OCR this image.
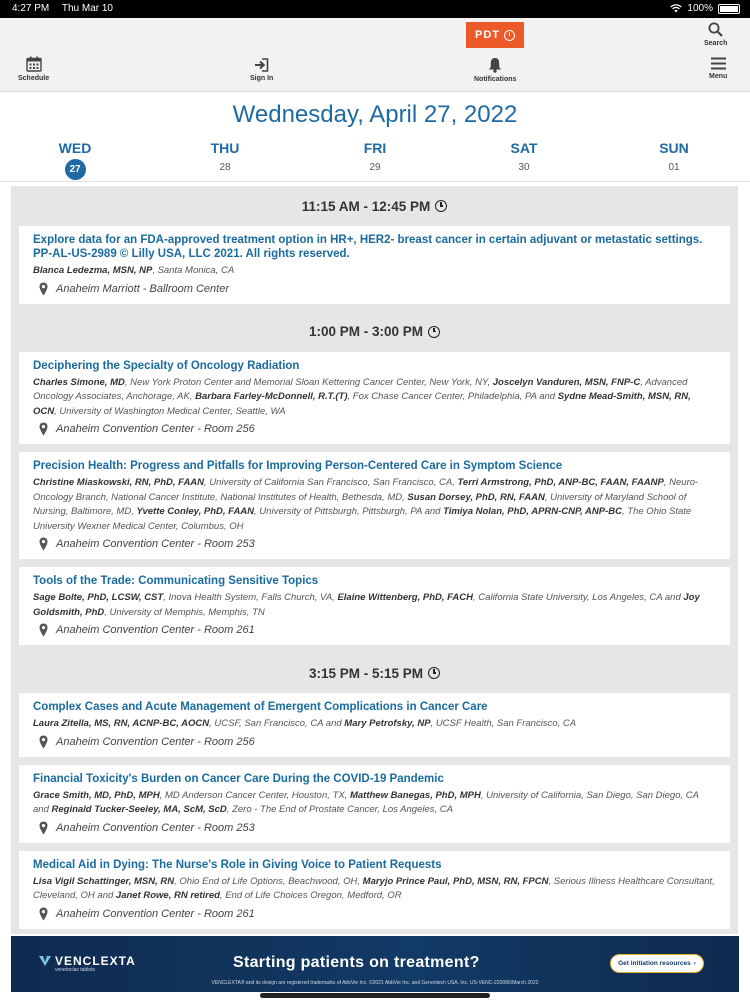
4:27 PM Thu Mar 10	100%
Schedule	Sign In
PDT
Notifications
Search
Menu
Wednesday, April 27, 2022
WED
27
THU
28
FRI
29
SAT
30
SUN
01
11:15 AM - 12:45 PM
Explore data for an FDA-approved treatment option in HR+, HER2- breast cancer in certain adjuvant or metastatic settings. PP-AL-US-2989 © Lilly USA, LLC 2021. All rights reserved.
Blanca Ledezma, MSN, NP, Santa Monica, CA
Anaheim Marriott - Ballroom Center
1:00 PM - 3:00 PM
Deciphering the Specialty of Oncology Radiation
Charles Simone, MD, New York Proton Center and Memorial Sloan Kettering Cancer Center, New York, NY, Joscelyn Vanduren, MSN, FNP-C, Advanced Oncology Associates, Anchorage, AK, Barbara Farley-McDonnell, R.T.(T), Fox Chase Cancer Center, Philadelphia, PA and Sydne Mead-Smith, MSN, RN, OCN, University of Washington Medical Center, Seattle, WA
Anaheim Convention Center - Room 256
Precision Health: Progress and Pitfalls for Improving Person-Centered Care in Symptom Science
Christine Miaskowski, RN, PhD, FAAN, University of California San Francisco, San Francisco, CA, Terri Armstrong, PhD, ANP-BC, FAAN, FAANP, Neuro-Oncology Branch, National Cancer Institute, National Institutes of Health, Bethesda, MD, Susan Dorsey, PhD, RN, FAAN, University of Maryland School of Nursing, Baltimore, MD, Yvette Conley, PhD, FAAN, University of Pittsburgh, Pittsburgh, PA and Timiya Nolan, PhD, APRN-CNP, ANP-BC, The Ohio State University Wexner Medical Center, Columbus, OH
Anaheim Convention Center - Room 253
Tools of the Trade: Communicating Sensitive Topics
Sage Bolte, PhD, LCSW, CST, Inova Health System, Falls Church, VA, Elaine Wittenberg, PhD, FACH, California State University, Los Angeles, CA and Joy Goldsmith, PhD, University of Memphis, Memphis, TN
Anaheim Convention Center - Room 261
3:15 PM - 5:15 PM
Complex Cases and Acute Management of Emergent Complications in Cancer Care
Laura Zitella, MS, RN, ACNP-BC, AOCN, UCSF, San Francisco, CA and Mary Petrofsky, NP, UCSF Health, San Francisco, CA
Anaheim Convention Center - Room 256
Financial Toxicity's Burden on Cancer Care During the COVID-19 Pandemic
Grace Smith, MD, PhD, MPH, MD Anderson Cancer Center, Houston, TX, Matthew Banegas, PhD, MPH, University of California, San Diego, San Diego, CA and Reginald Tucker-Seeley, MA, ScM, ScD, Zero - The End of Prostate Cancer, Los Angeles, CA
Anaheim Convention Center - Room 253
Medical Aid in Dying: The Nurse's Role in Giving Voice to Patient Requests
Lisa Vigil Schattinger, MSN, RN, Ohio End of Life Options, Beachwood, OH, Maryjo Prince Paul, PhD, MSN, RN, FPCN, Serious Illness Healthcare Consultant, Cleveland, OH and Janet Rowe, RN retired, End of Life Choices Oregon, Medford, OR
Anaheim Convention Center - Room 261
VENCLEXTA
venetoclax tablets	Starting patients on treatment?	Get initiation resources ›
VENCLEXTA® and its design are registered trademarks of AbbVie Inc. ©2021 AbbVie Inc. and Genentech USA, Inc. US-VENC-220086/March 2022
